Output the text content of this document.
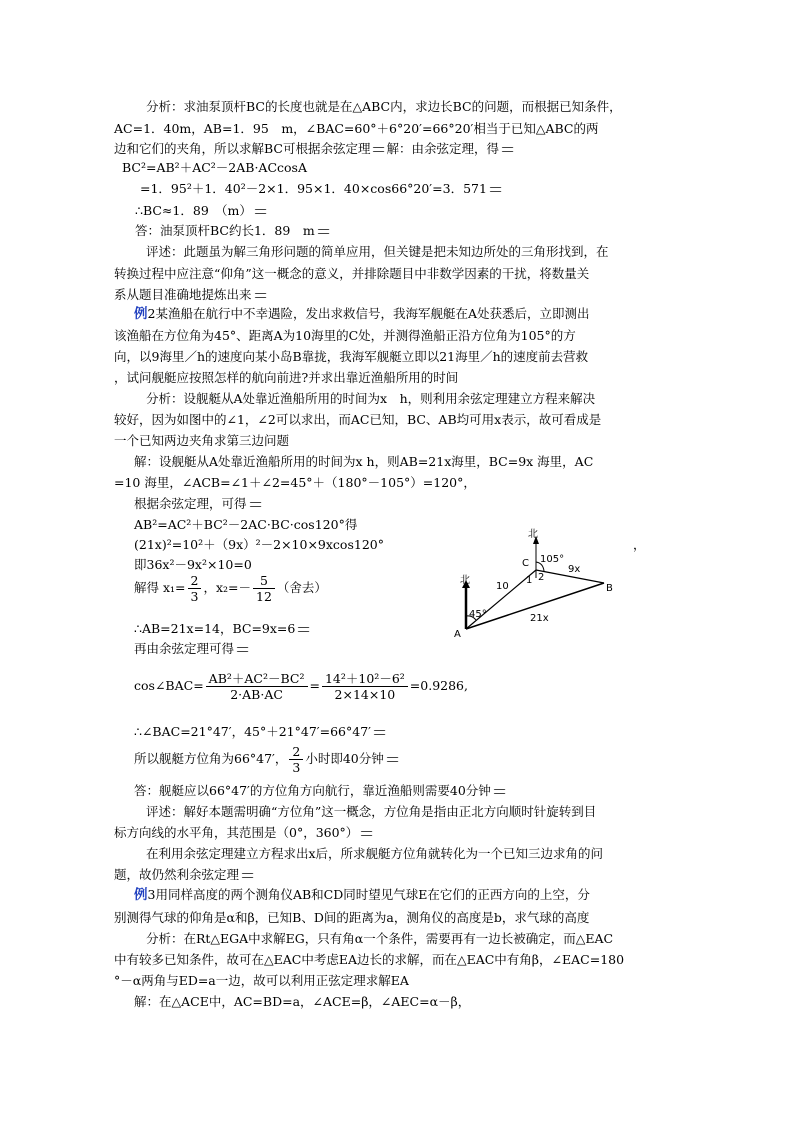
分析：求油泵顶杆BC的长度也就是在△ABC内，求边长BC的问题，而根据已知条件，

AC=1．40m，AB=1．95　m，∠BAC=60°＋6°20′=66°20′相当于已知△ABC的两

边和它们的夹角，所以求解BC可根据余弦定理 解：由余弦定理，得

BC²=AB²＋AC²－2AB·ACcosA

=1．95²＋1．40²－2×1．95×1．40×cos66°20′=3．571

∴BC≈1．89　（m）

答：油泵顶杆BC约长1．89　m

评述：此题虽为解三角形问题的简单应用，但关键是把未知边所处的三角形找到，在

转换过程中应注意“仰角”这一概念的意义，并排除题目中非数学因素的干扰，将数量关

系从题目准确地提炼出来

例2某渔船在航行中不幸遇险，发出求救信号，我海军舰艇在A处获悉后，立即测出

该渔船在方位角为45°、距离A为10海里的C处，并测得渔船正沿方位角为105°的方

向，以9海里／h的速度向某小岛B靠拢，我海军舰艇立即以21海里／h的速度前去营救

，试问舰艇应按照怎样的航向前进?并求出靠近渔船所用的时间

分析：设舰艇从A处靠近渔船所用的时间为x　h，则利用余弦定理建立方程来解决

较好，因为如图中的∠1，∠2可以求出，而AC已知，BC、AB均可用x表示，故可看成是

一个已知两边夹角求第三边问题

解：设舰艇从A处靠近渔船所用的时间为x h，则AB=21x海里，BC=9x 海里，AC

=10 海里，∠ACB=∠1＋∠2=45°＋（180°－105°）=120°，

根据余弦定理，可得

AB²=AC²＋BC²－2AC·BC·cos120°得

(21x)²=10²＋（9x）²－2×10×9xcos120°	，

即36x²－9x²×10=0

解得 $x_1= \frac{2}{3}$ ，$x_2=- \frac{5}{12}$ （舍去）

∴AB=21x=14，BC=9x=6

再由余弦定理可得

cos∠BAC= $\frac{\text{AB²＋AC²－BC²}}{2\cdot AB\cdot AC} = \frac{\text{14²＋10²－6²}}{2\times 14\times 10} =0.9286$,

∴∠BAC=21°47′，45°＋21°47′=66°47′

所以舰艇方位角为66°47′， $\frac{2}{3}$ 小时即40分钟

答：舰艇应以66°47′的方位角方向航行，靠近渔船则需要40分钟

评述：解好本题需明确“方位角”这一概念，方位角是指由正北方向顺时针旋转到目

标方向线的水平角，其范围是（0°，360°）

在利用余弦定理建立方程求出x后，所求舰艇方位角就转化为一个已知三边求角的问

题，故仍然利余弦定理

例3用同样高度的两个测角仪AB和CD同时望见气球E在它们的正西方向的上空，分

别测得气球的仰角是α和β，已知B、D间的距离为a，测角仪的高度是b，求气球的高度

分析：在Rt△EGA中求解EG，只有角α一个条件，需要再有一边长被确定，而△EAC

中有较多已知条件，故可在△EAC中考虑EA边长的求解，而在△EAC中有角β，∠EAC=180

°－α两角与ED=a一边，故可以利用正弦定理求解EA

解：在△ACE中，AC=BD=a，∠ACE=β，∠AEC=α－β，

北
北
105°
45°
C
B
A
1 2
10
9x
21x
